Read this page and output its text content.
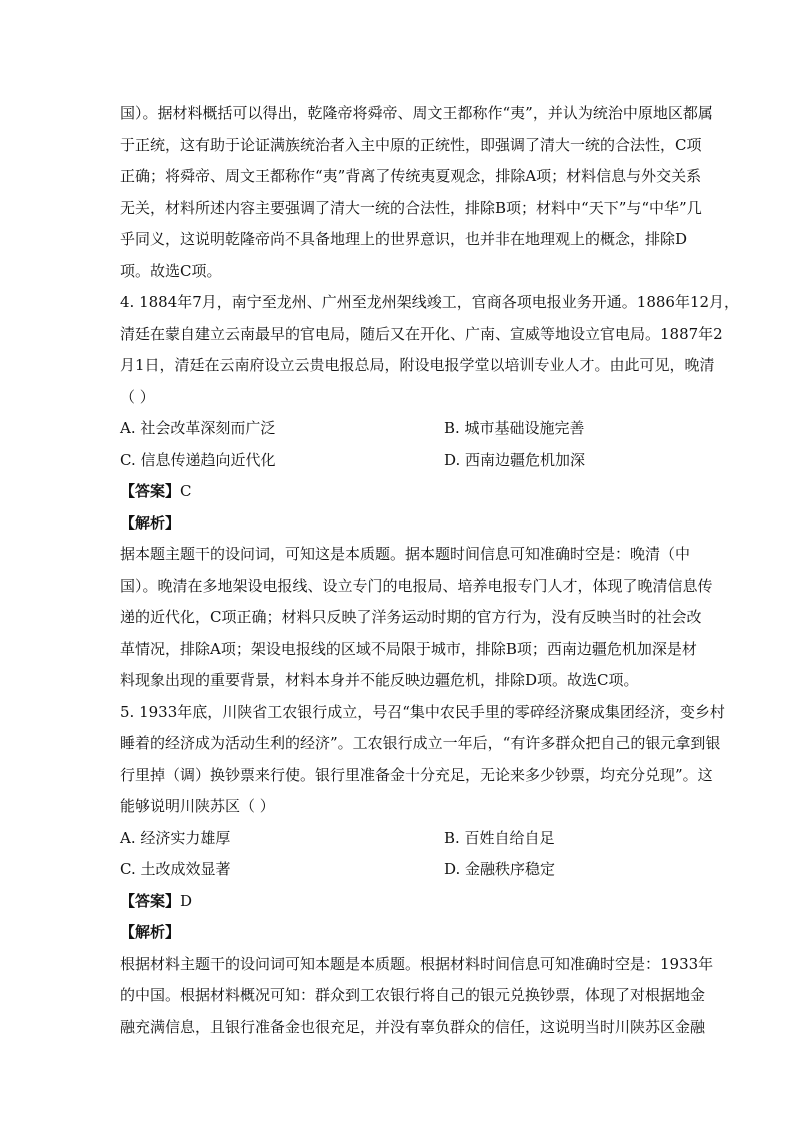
国）。据材料概括可以得出，乾隆帝将舜帝、周文王都称作“夷”，并认为统治中原地区都属
于正统，这有助于论证满族统治者入主中原的正统性，即强调了清大一统的合法性，C项
正确；将舜帝、周文王都称作“夷”背离了传统夷夏观念，排除A项；材料信息与外交关系
无关，材料所述内容主要强调了清大一统的合法性，排除B项；材料中“天下”与“中华”几
乎同义，这说明乾隆帝尚不具备地理上的世界意识，也并非在地理观上的概念，排除D
项。故选C项。
4. 1884年7月，南宁至龙州、广州至龙州架线竣工，官商各项电报业务开通。1886年12月，
清廷在蒙自建立云南最早的官电局，随后又在开化、广南、宣威等地设立官电局。1887年2
月1日，清廷在云南府设立云贵电报总局，附设电报学堂以培训专业人才。由此可见，晚清
（ ）
A. 社会改革深刻而广泛	B. 城市基础设施完善
C. 信息传递趋向近代化	D. 西南边疆危机加深
【答案】C
【解析】
据本题主题干的设问词，可知这是本质题。据本题时间信息可知准确时空是：晚清（中
国）。晚清在多地架设电报线、设立专门的电报局、培养电报专门人才，体现了晚清信息传
递的近代化，C项正确；材料只反映了洋务运动时期的官方行为，没有反映当时的社会改
革情况，排除A项；架设电报线的区域不局限于城市，排除B项；西南边疆危机加深是材
料现象出现的重要背景，材料本身并不能反映边疆危机，排除D项。故选C项。
5. 1933年底，川陕省工农银行成立，号召“集中农民手里的零碎经济聚成集团经济，变乡村
睡着的经济成为活动生利的经济”。工农银行成立一年后，“有许多群众把自己的银元拿到银
行里掉（调）换钞票来行使。银行里准备金十分充足，无论来多少钞票，均充分兑现”。这
能够说明川陕苏区（ ）
A. 经济实力雄厚	B. 百姓自给自足
C. 土改成效显著	D. 金融秩序稳定
【答案】D
【解析】
根据材料主题干的设问词可知本题是本质题。根据材料时间信息可知准确时空是：1933年
的中国。根据材料概况可知：群众到工农银行将自己的银元兑换钞票，体现了对根据地金
融充满信息，且银行准备金也很充足，并没有辜负群众的信任，这说明当时川陕苏区金融
